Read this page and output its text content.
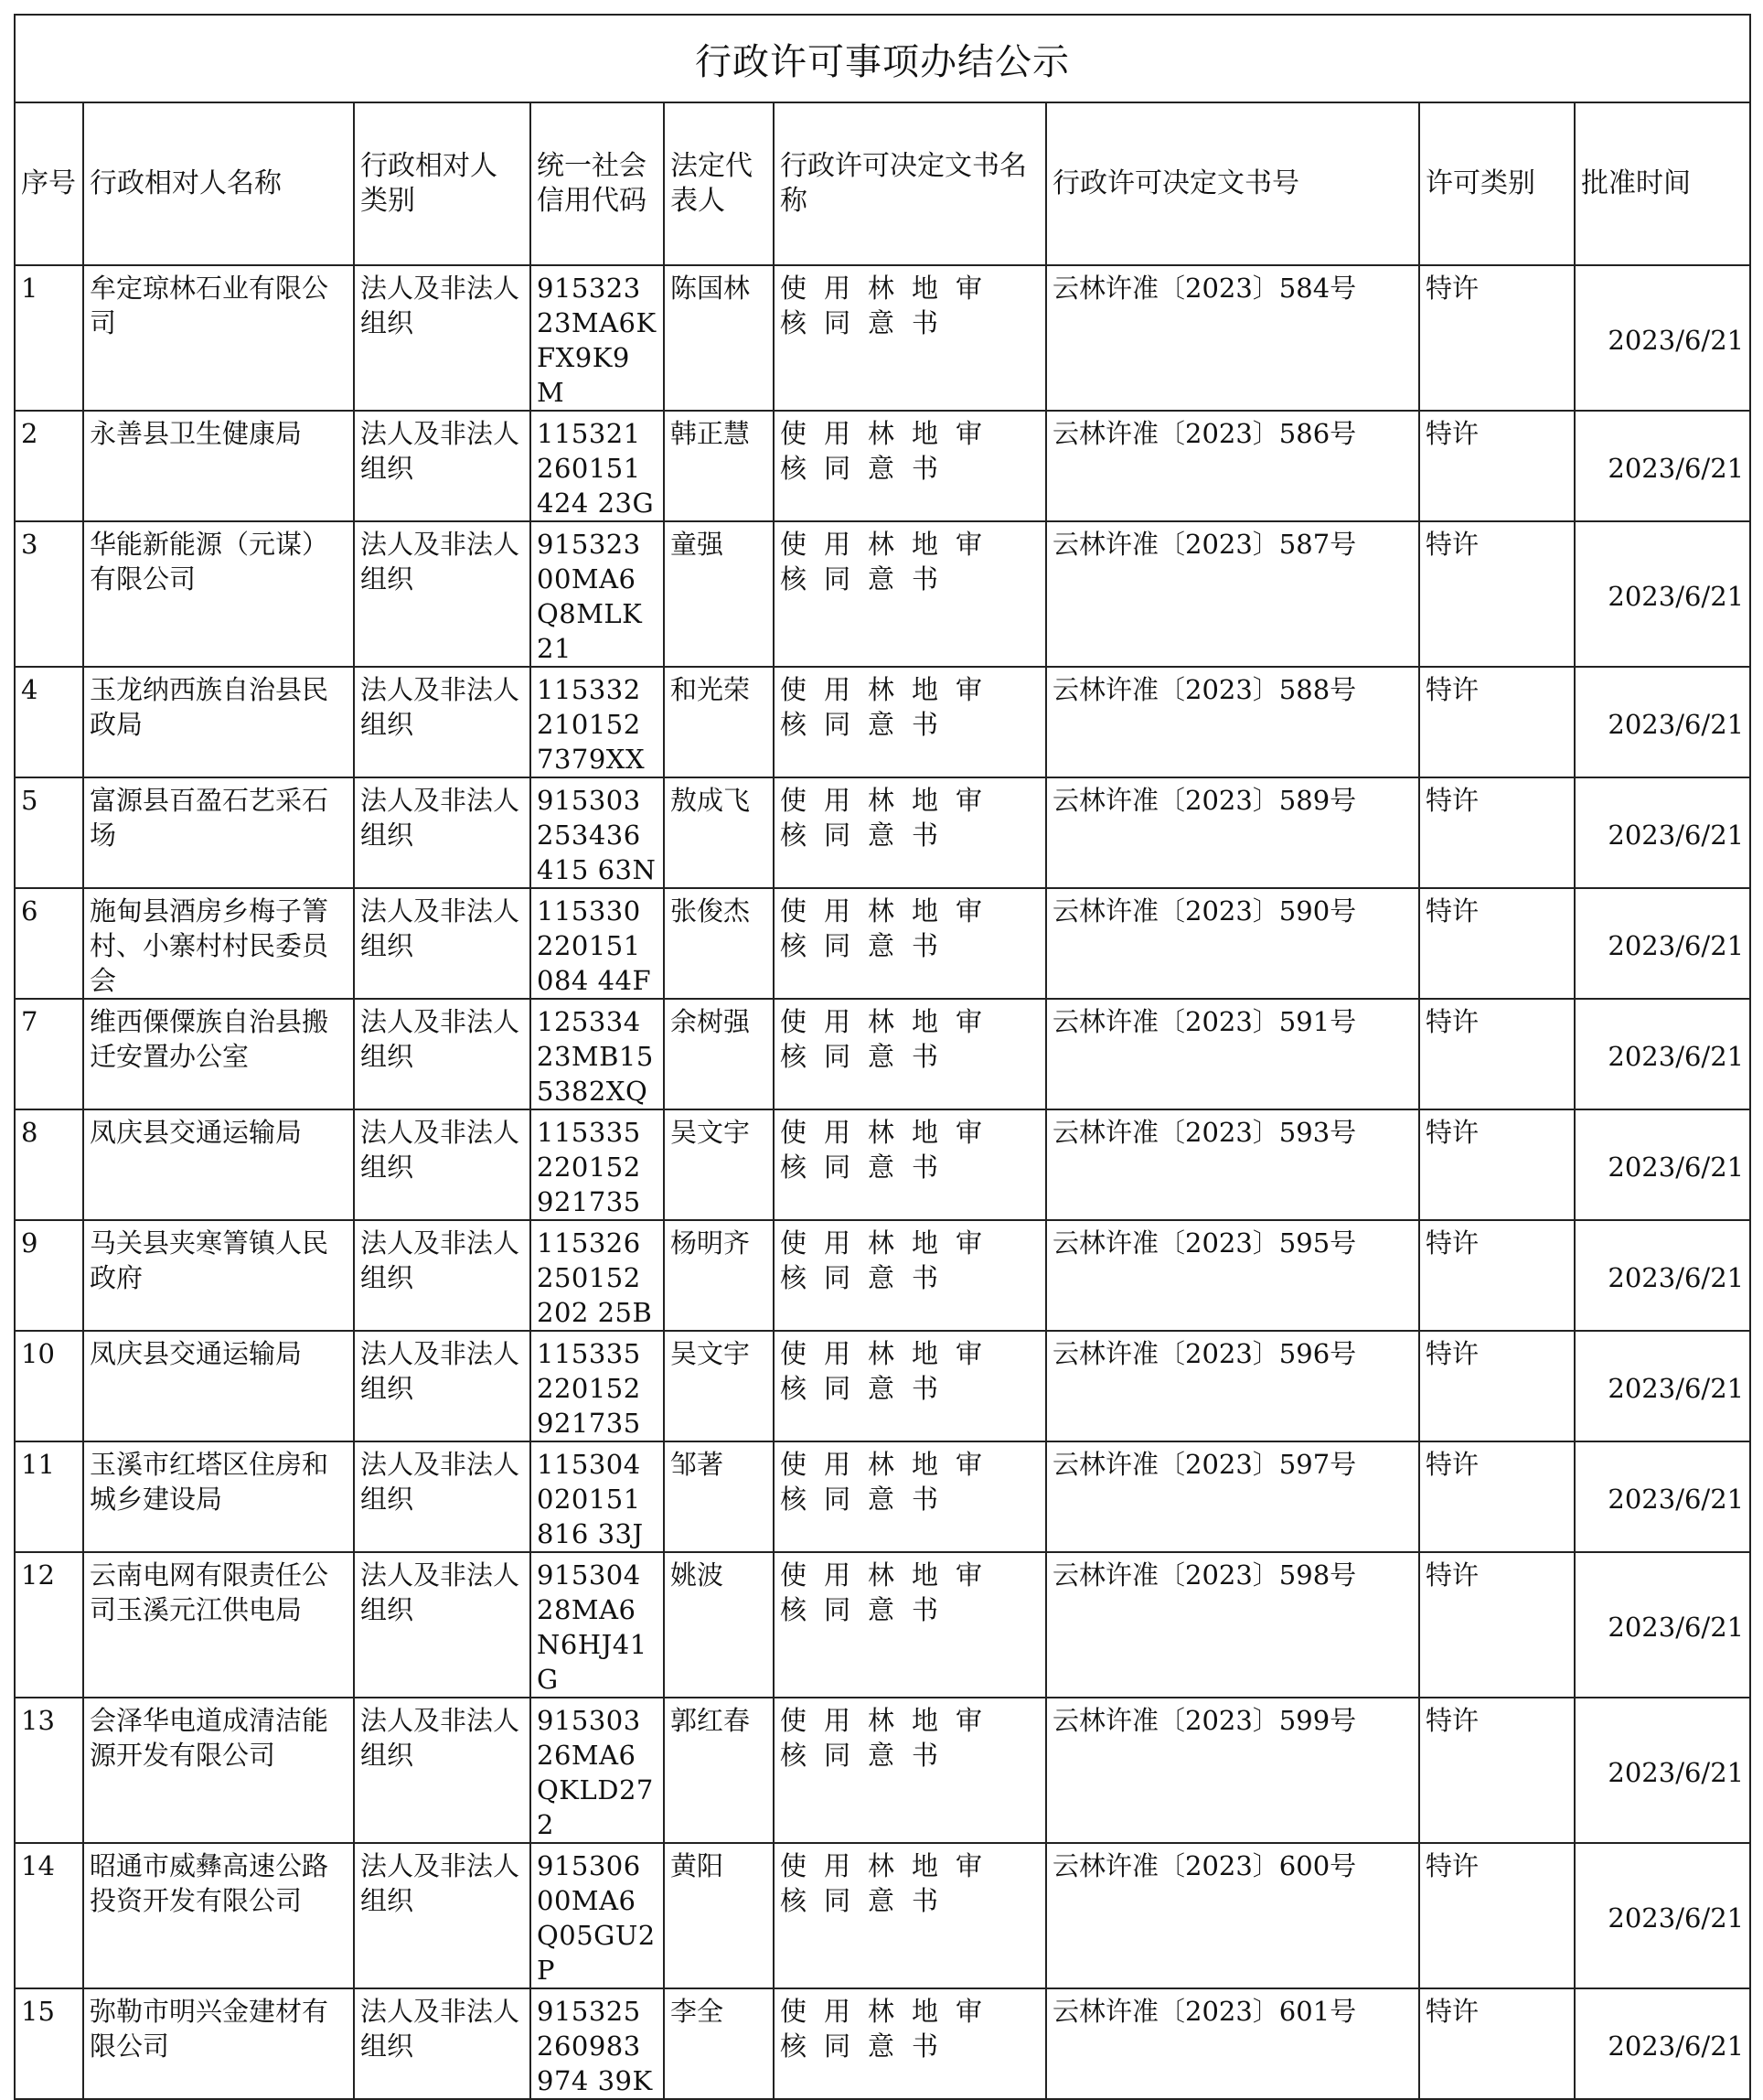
行政许可事项办结公示								
序号	行政相对人名称	行政相对人类别	统一社会信用代码	法定代表人	行政许可决定文书名称	行政许可决定文书号	许可类别	批准时间
1	牟定琼林石业有限公司	法人及非法人组织	91532323MA6KFX9K9M	陈国林	使用林地审核同意书	云林许准〔2023〕584号	特许	2023/6/21
2	永善县卫生健康局	法人及非法人组织	115321260151424 23G	韩正慧	使用林地审核同意书	云林许准〔2023〕586号	特许	2023/6/21
3	华能新能源（元谋）有限公司	法人及非法人组织	91532300MA6Q8MLK21	童强	使用林地审核同意书	云林许准〔2023〕587号	特许	2023/6/21
4	玉龙纳西族自治县民政局	法人及非法人组织	1153322101527379XX	和光荣	使用林地审核同意书	云林许准〔2023〕588号	特许	2023/6/21
5	富源县百盈石艺采石场	法人及非法人组织	915303253436415 63N	敖成飞	使用林地审核同意书	云林许准〔2023〕589号	特许	2023/6/21
6	施甸县酒房乡梅子箐村、小寨村村民委员会	法人及非法人组织	115330220151084 44F	张俊杰	使用林地审核同意书	云林许准〔2023〕590号	特许	2023/6/21
7	维西傈僳族自治县搬迁安置办公室	法人及非法人组织	12533423MB155382XQ	余树强	使用林地审核同意书	云林许准〔2023〕591号	特许	2023/6/21
8	凤庆县交通运输局	法人及非法人组织	115335220152921735	吴文宇	使用林地审核同意书	云林许准〔2023〕593号	特许	2023/6/21
9	马关县夹寒箐镇人民政府	法人及非法人组织	115326250152202 25B	杨明齐	使用林地审核同意书	云林许准〔2023〕595号	特许	2023/6/21
10	凤庆县交通运输局	法人及非法人组织	115335220152921735	吴文宇	使用林地审核同意书	云林许准〔2023〕596号	特许	2023/6/21
11	玉溪市红塔区住房和城乡建设局	法人及非法人组织	115304020151816 33J	邹著	使用林地审核同意书	云林许准〔2023〕597号	特许	2023/6/21
12	云南电网有限责任公司玉溪元江供电局	法人及非法人组织	91530428MA6N6HJ41G	姚波	使用林地审核同意书	云林许准〔2023〕598号	特许	2023/6/21
13	会泽华电道成清洁能源开发有限公司	法人及非法人组织	91530326MA6QKLD272	郭红春	使用林地审核同意书	云林许准〔2023〕599号	特许	2023/6/21
14	昭通市威彝高速公路投资开发有限公司	法人及非法人组织	91530600MA6Q05GU2P	黄阳	使用林地审核同意书	云林许准〔2023〕600号	特许	2023/6/21
15	弥勒市明兴金建材有限公司	法人及非法人组织	915325260983974 39K	李全	使用林地审核同意书	云林许准〔2023〕601号	特许	2023/6/21
